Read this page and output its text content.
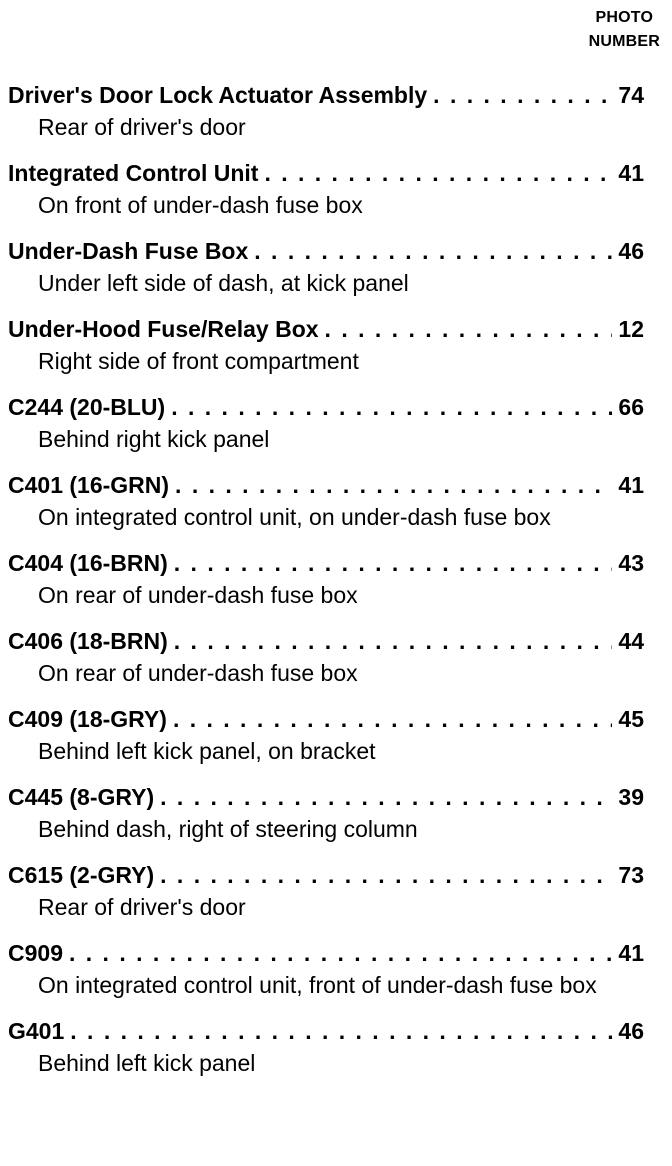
PHOTO
NUMBER
Driver's Door Lock Actuator Assembly . . .	74
Rear of driver's door
Integrated Control Unit . . .	41
On front of under-dash fuse box
Under-Dash Fuse Box . . .	46
Under left side of dash, at kick panel
Under-Hood Fuse/Relay Box . . .	12
Right side of front compartment
C244 (20-BLU) . . .	66
Behind right kick panel
C401 (16-GRN) . . .	41
On integrated control unit, on under-dash fuse box
C404 (16-BRN) . . .	43
On rear of under-dash fuse box
C406 (18-BRN) . . .	44
On rear of under-dash fuse box
C409 (18-GRY) . . .	45
Behind left kick panel, on bracket
C445 (8-GRY) . . .	39
Behind dash, right of steering column
C615 (2-GRY) . . .	73
Rear of driver's door
C909 . . .	41
On integrated control unit, front of under-dash fuse box
G401 . . .	46
Behind left kick panel
